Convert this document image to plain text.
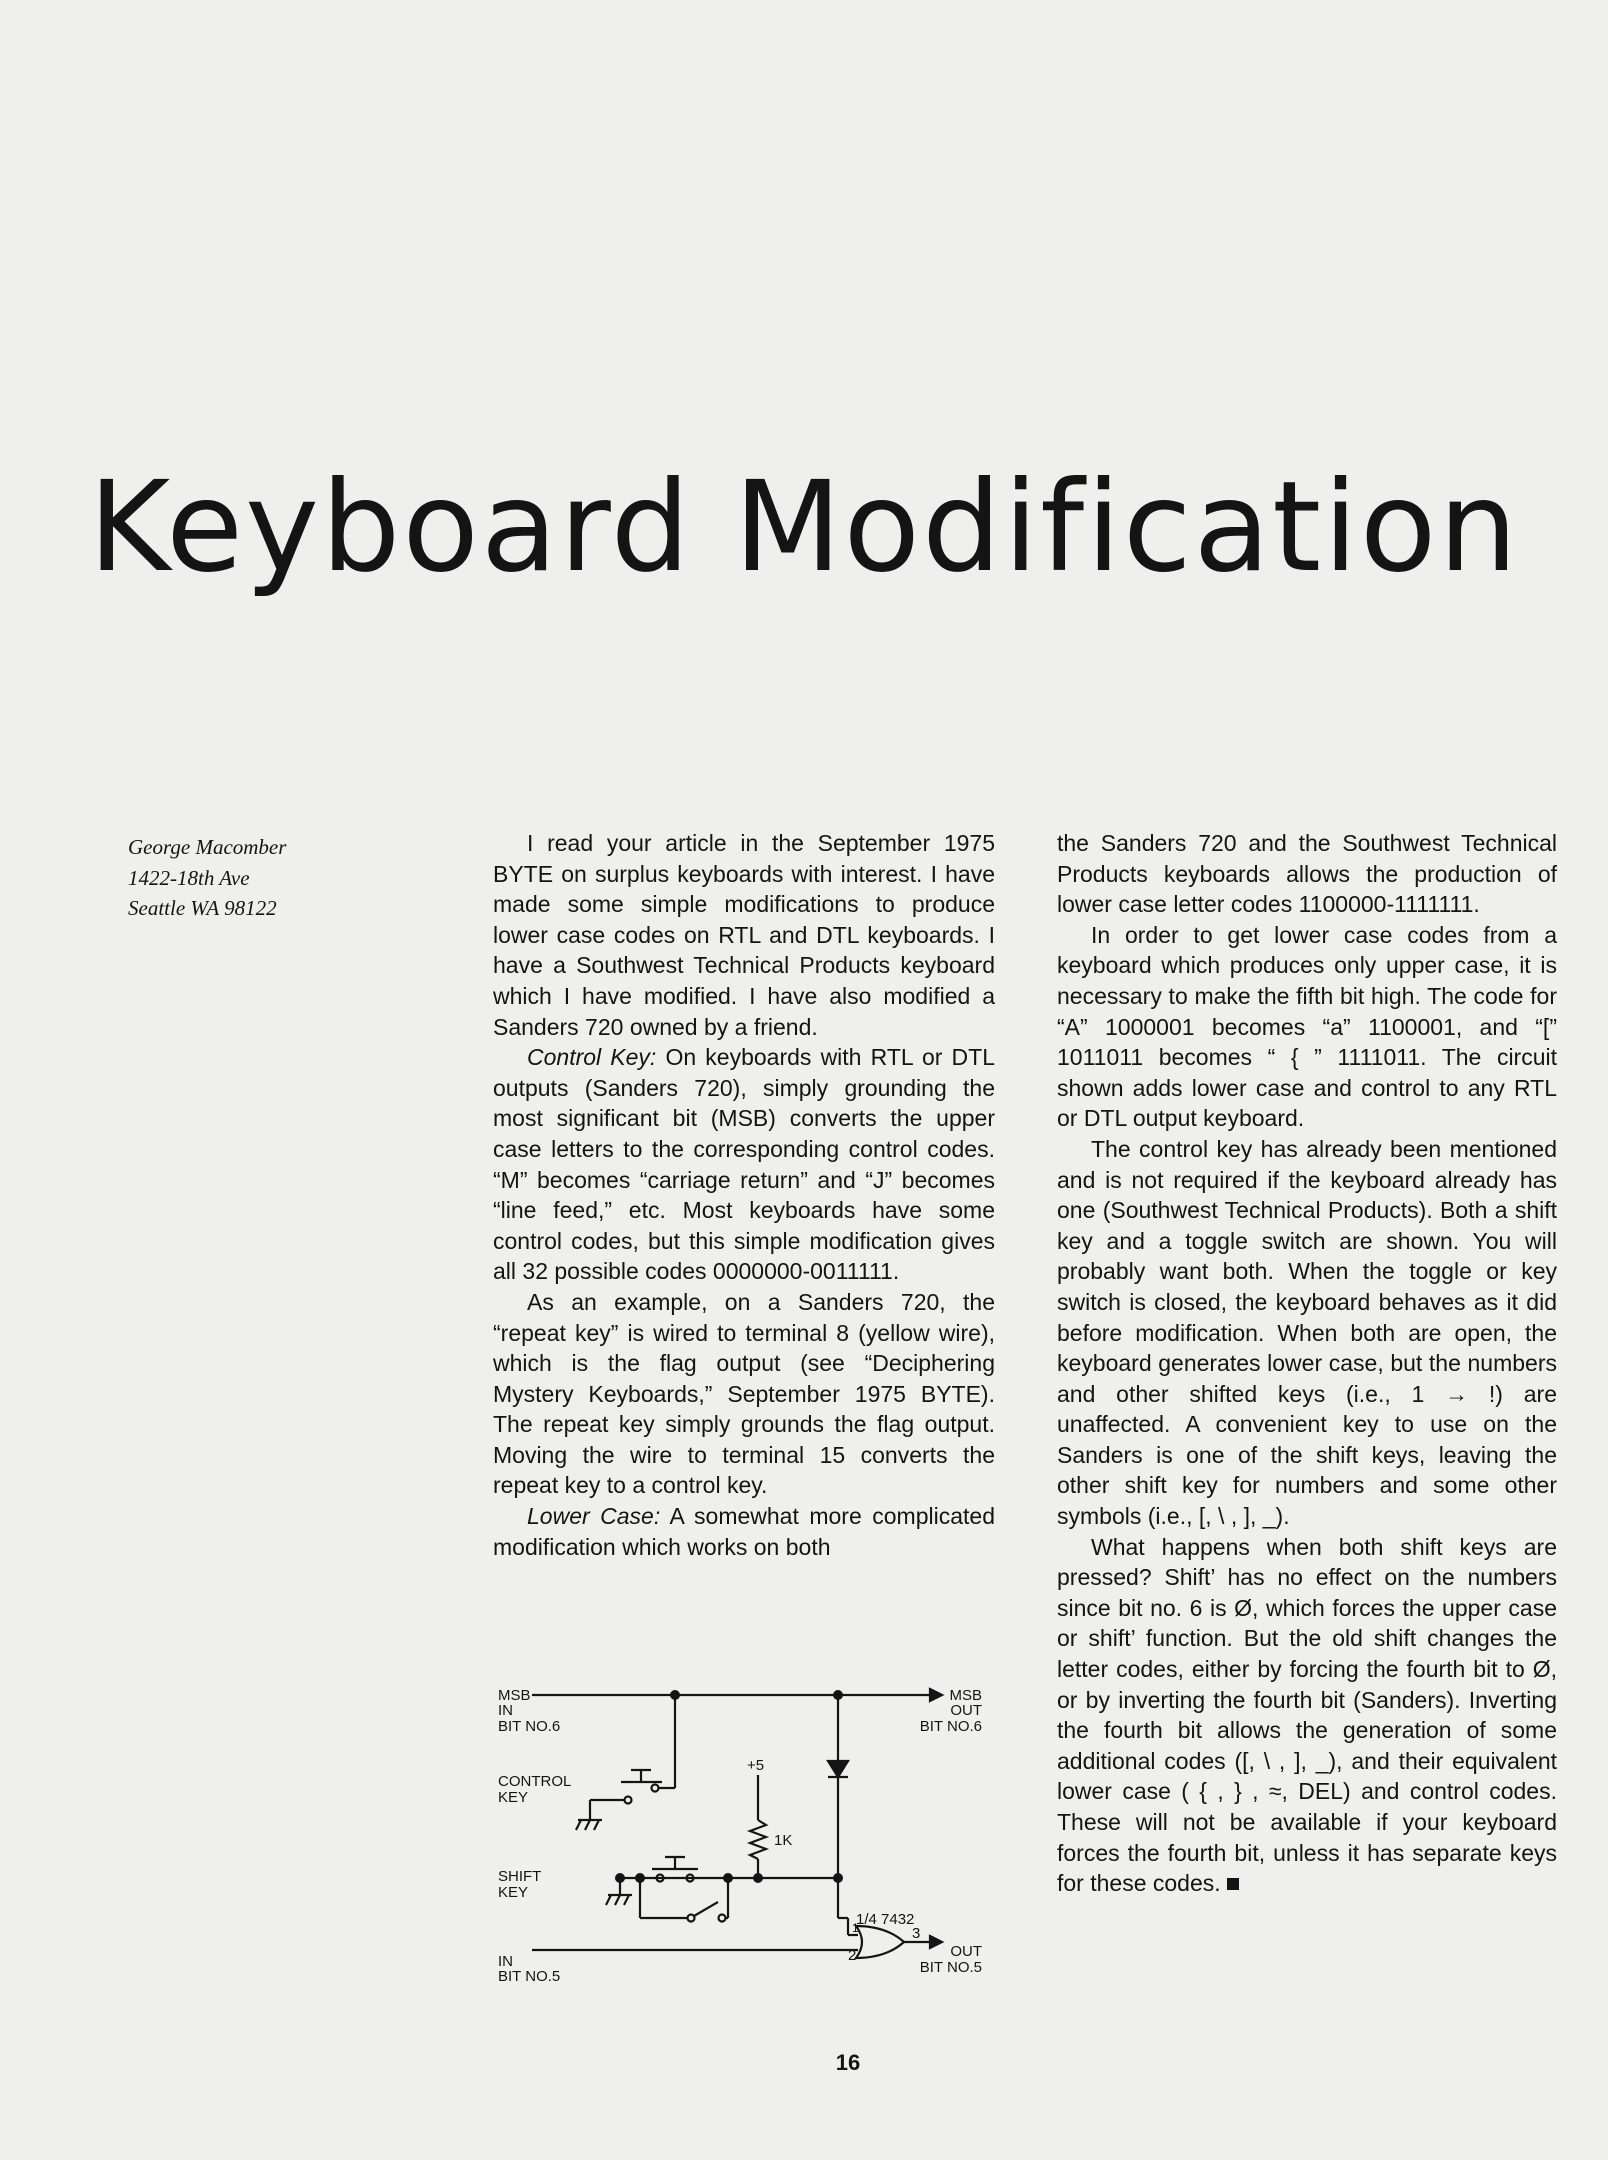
Keyboard Modification
George Macomber
1422-18th Ave
Seattle WA 98122

I read your article in the September 1975 BYTE on surplus keyboards with interest. I have made some simple modifications to produce lower case codes on RTL and DTL keyboards. I have a Southwest Technical Products keyboard which I have modified. I have also modified a Sanders 720 owned by a friend.

Control Key: On keyboards with RTL or DTL outputs (Sanders 720), simply grounding the most significant bit (MSB) converts the upper case letters to the corresponding control codes. “M” becomes “carriage return” and “J” becomes “line feed,” etc. Most keyboards have some control codes, but this simple modification gives all 32 possible codes 0000000-0011111.

As an example, on a Sanders 720, the “repeat key” is wired to terminal 8 (yellow wire), which is the flag output (see “Deciphering Mystery Keyboards,” September 1975 BYTE). The repeat key simply grounds the flag output. Moving the wire to terminal 15 converts the repeat key to a control key.

Lower Case: A somewhat more complicated modification which works on both

the Sanders 720 and the Southwest Technical Products keyboards allows the production of lower case letter codes 1100000-1111111.

In order to get lower case codes from a keyboard which produces only upper case, it is necessary to make the fifth bit high. The code for “A” 1000001 becomes “a” 1100001, and “[” 1011011 becomes “ { ” 1111011. The circuit shown adds lower case and control to any RTL or DTL output keyboard.

The control key has already been mentioned and is not required if the keyboard already has one (Southwest Technical Products). Both a shift key and a toggle switch are shown. You will probably want both. When the toggle or key switch is closed, the keyboard behaves as it did before modification. When both are open, the keyboard generates lower case, but the numbers and other shifted keys (i.e., 1 → !) are unaffected. A convenient key to use on the Sanders is one of the shift keys, leaving the other shift key for numbers and some other symbols (i.e., [, \ , ], _).

What happens when both shift keys are pressed? Shift’ has no effect on the numbers since bit no. 6 is Ø, which forces the upper case or shift’ function. But the old shift changes the letter codes, either by forcing the fourth bit to Ø, or by inverting the fourth bit (Sanders). Inverting the fourth bit allows the generation of some additional codes ([, \ , ], _), and their equivalent lower case ( { , } , ≈, DEL) and control codes. These will not be available if your keyboard forces the fourth bit, unless it has separate keys for these codes.

MSB
IN
BIT NO.6
MSB
OUT
BIT NO.6
CONTROL
KEY
+5
1K
SHIFT
KEY
1/4 7432
2
1	3
OUT
BIT NO.5
IN
BIT NO.5
16
